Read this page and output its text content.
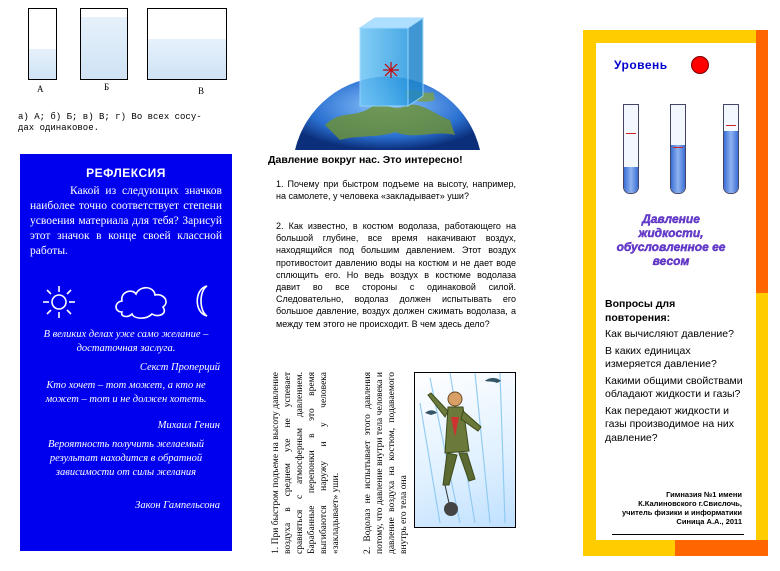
А	Б	В
а) А; б) Б; в) В; г) Во всех сосу-
дах одинаковое.
РЕФЛЕКСИЯ
Какой из следующих значков наиболее точно соответствует степени усвоения материала для тебя? Зарисуй этот значок в конце своей классной работы.
В великих делах уже само желание – достаточная заслуга.
Секст Проперций
Кто хочет – тот может, а кто не может – тот и не должен хотеть.
Михаил Генин
Вероятность получить желаемый результат находится в обратной зависимости от силы желания
Закон Гампельсона
Давление вокруг нас. Это интересно!
1. Почему при быстром подъеме на высоту, например, на самолете, у человека «закладывает» уши?
2. Как известно, в костюм водолаза, работающего на большой глубине, все время накачивают воздух, находящийся под большим давлением. Этот воздух противостоит давлению воды на костюм и не дает воде сплющить его. Но ведь воздух в костюме водолаза давит во все стороны с одинаковой силой. Следовательно, водолаз должен испытывать его большое давление, воздух должен сжимать водолаза, а между тем этого не происходит. В чем здесь дело?
1. При быстром подъеме на высоту давление воздуха в среднем ухе не успевает сравняться с атмосферным давлением. Барабанные перепонки в это время выгибаются наружу и у человека «закладывает» уши.	2. Водолаз не испытывает этого давления потому, что давление внутри тела человека и давление воздуха на костюм, подаваемого внутрь его тела она
Уровень
Давление жидкости, обусловленное ее весом

Вопросы для повторения:

Как вычисляют давление?

В каких единицах измеряется давление?

Какими общими свойствами обладают жидкости и газы?

Как передают жидкости и газы производимое на них давление?

Гимназия №1 имени К.Калиновского г.Свислочь, учитель физики и информатики Синица А.А., 2011
